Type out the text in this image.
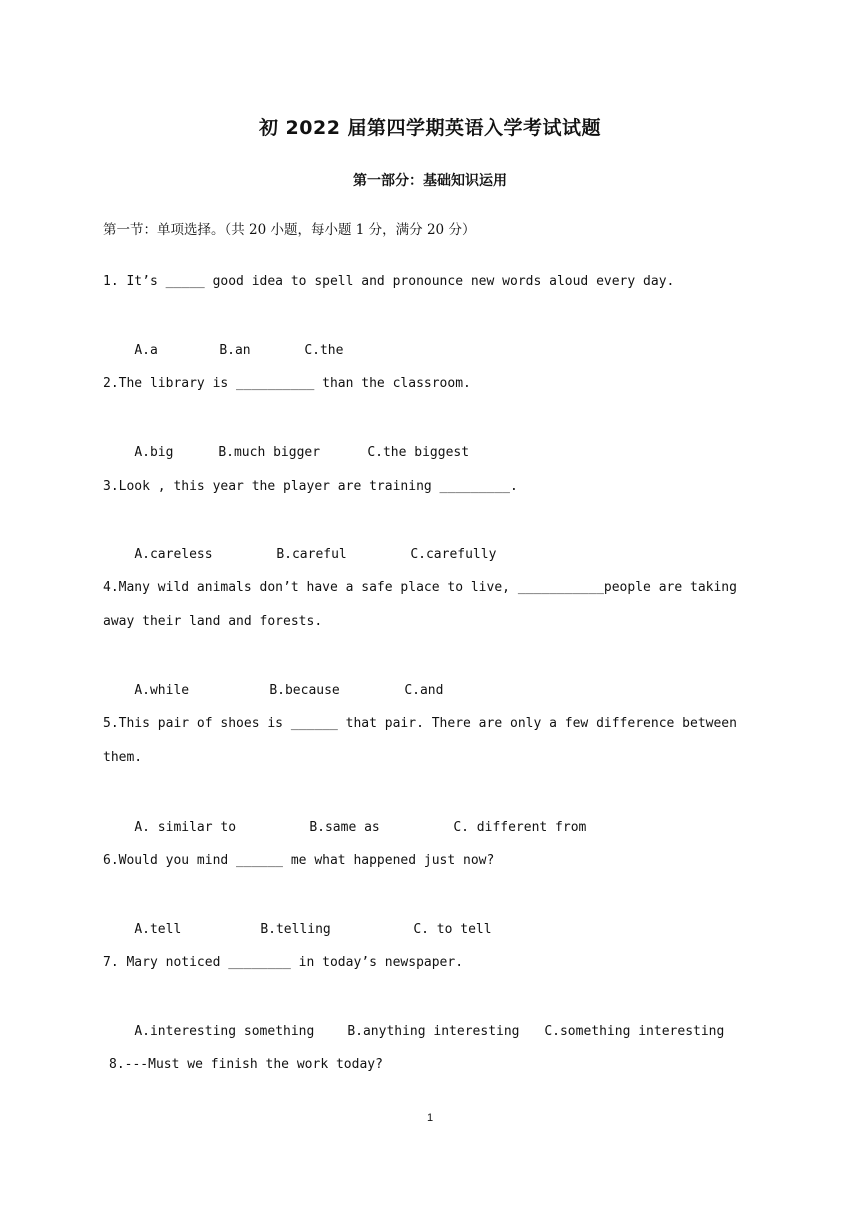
初 2022 届第四学期英语入学考试试题
第一部分：基础知识运用
第一节：单项选择。（共 20 小题，每小题 1 分，满分 20 分）
1. It’s _____ good idea to spell and pronounce new words aloud every day.

A.a	B.an	C.the

2.The library is __________ than the classroom.

A.big	B.much bigger	C.the biggest

3.Look , this year the player are training _________.

A.careless	B.careful	C.carefully

4.Many wild animals don’t have a safe place to live, ___________people are taking away their land and forests.

A.while	B.because	C.and

5.This pair of shoes is ______ that pair. There are only a few difference between them.

A. similar to	B.same as	C. different from

6.Would you mind ______ me what happened just now?

A.tell	B.telling	C. to tell

7. Mary noticed ________ in today’s newspaper.

A.interesting something	B.anything interesting C.something interesting

8.---Must we finish the work today?
1
